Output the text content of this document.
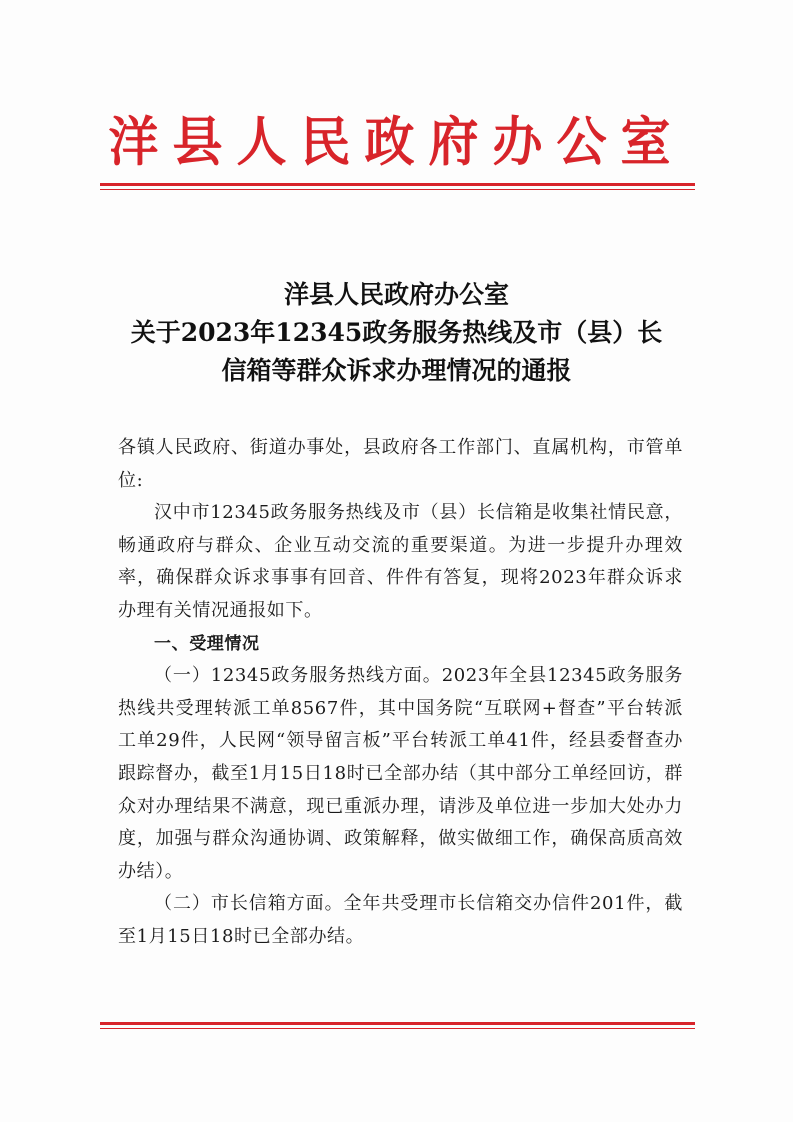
洋县人民政府办公室
洋县人民政府办公室
关于2023年12345政务服务热线及市（县）长
信箱等群众诉求办理情况的通报

各镇人民政府、街道办事处，县政府各工作部门、直属机构，市管单位:

汉中市12345政务服务热线及市（县）长信箱是收集社情民意，畅通政府与群众、企业互动交流的重要渠道。为进一步提升办理效率，确保群众诉求事事有回音、件件有答复，现将2023年群众诉求办理有关情况通报如下。

一、受理情况

（一）12345政务服务热线方面。2023年全县12345政务服务热线共受理转派工单8567件，其中国务院“互联网+督查”平台转派工单29件，人民网“领导留言板”平台转派工单41件，经县委督查办跟踪督办，截至1月15日18时已全部办结（其中部分工单经回访，群众对办理结果不满意，现已重派办理，请涉及单位进一步加大处办力度，加强与群众沟通协调、政策解释，做实做细工作，确保高质高效办结）。

（二）市长信箱方面。全年共受理市长信箱交办信件201件，截至1月15日18时已全部办结。
